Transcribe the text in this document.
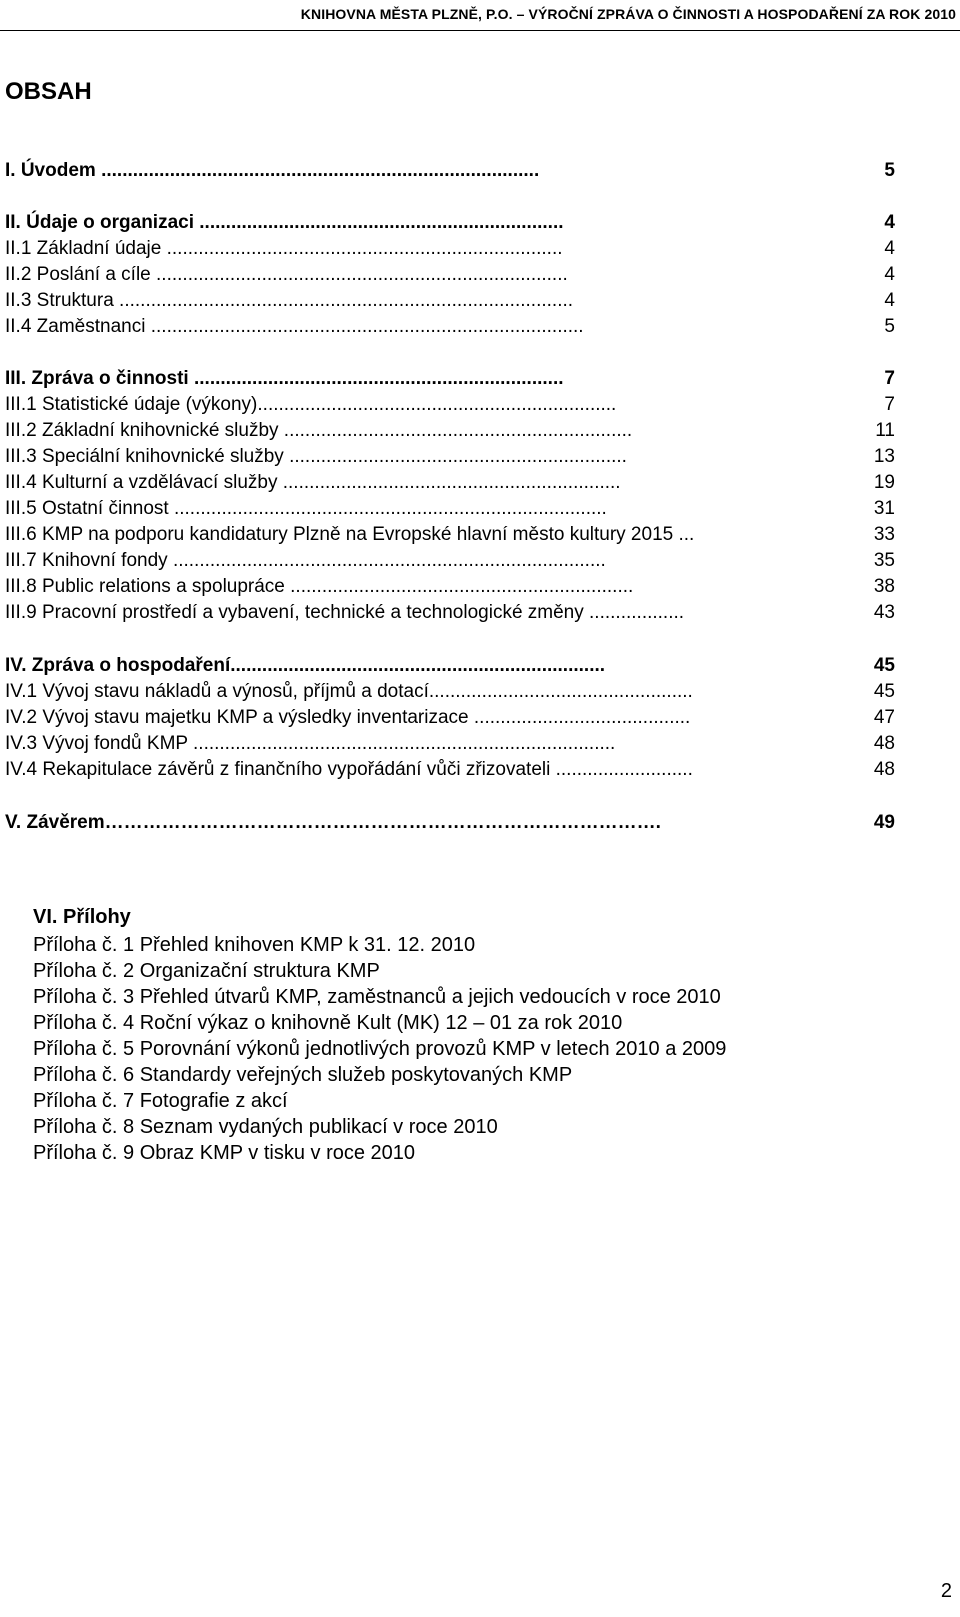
KNIHOVNA MĚSTA PLZNĚ, P.O. – VÝROČNÍ ZPRÁVA O ČINNOSTI A HOSPODAŘENÍ ZA ROK 2010
OBSAH
I. Úvodem ...................................................................................	5
II. Údaje o organizaci .....................................................................	4
II.1 Základní údaje ...........................................................................	4
II.2 Poslání a cíle ..............................................................................	4
II.3 Struktura ......................................................................................	4
II.4 Zaměstnanci ..................................................................................	5
III. Zpráva o činnosti ......................................................................	7
III.1 Statistické údaje (výkony)....................................................................	7
III.2 Základní knihovnické služby ..................................................................	11
III.3 Speciální knihovnické služby ................................................................	13
III.4 Kulturní a vzdělávací služby ................................................................	19
III.5 Ostatní činnost ..................................................................................	31
III.6 KMP na podporu kandidatury Plzně na Evropské hlavní město kultury 2015 ...	33
III.7 Knihovní fondy ..................................................................................	35
III.8 Public relations a spolupráce .................................................................	38
III.9 Pracovní prostředí a vybavení, technické a technologické změny ..................	43
IV. Zpráva o hospodaření.......................................................................	45
IV.1 Vývoj stavu nákladů a výnosů, příjmů a dotací..................................................	45
IV.2 Vývoj stavu majetku KMP a výsledky inventarizace .........................................	47
IV.3 Vývoj fondů KMP ................................................................................	48
IV.4 Rekapitulace závěrů z finančního vypořádání vůči zřizovateli ..........................	48
V. Závěrem…………………………………………………………………………….	49
VI. Přílohy
Příloha č. 1 Přehled knihoven KMP k 31. 12. 2010
Příloha č. 2 Organizační struktura KMP
Příloha č. 3 Přehled útvarů KMP, zaměstnanců a jejich vedoucích v roce 2010
Příloha č. 4 Roční výkaz o knihovně Kult (MK) 12 – 01 za rok 2010
Příloha č. 5 Porovnání výkonů jednotlivých provozů KMP v letech 2010 a 2009
Příloha č. 6 Standardy veřejných služeb poskytovaných KMP
Příloha č. 7 Fotografie z akcí
Příloha č. 8 Seznam vydaných publikací v roce 2010
Příloha č. 9 Obraz KMP v tisku v roce 2010
2
